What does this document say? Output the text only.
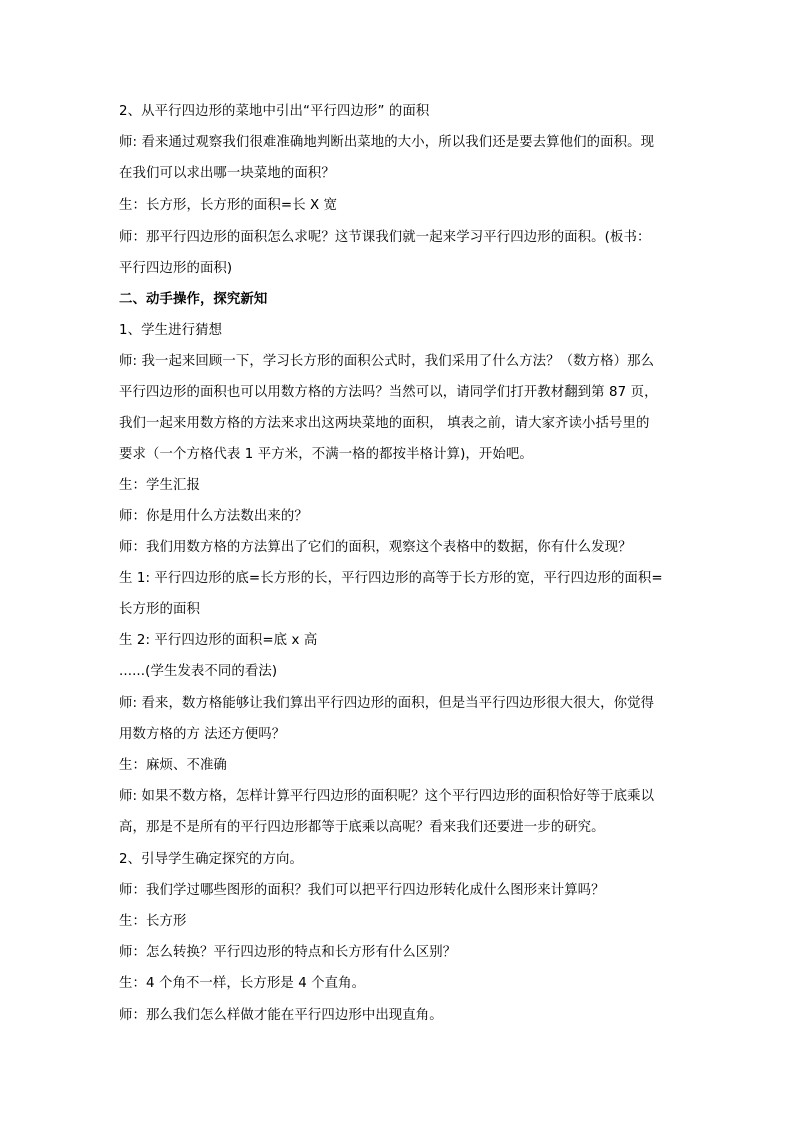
2、从平行四边形的菜地中引出“平行四边形” 的面积
师: 看来通过观察我们很难准确地判断出菜地的大小，所以我们还是要去算他们的面积。现
在我们可以求出哪一块菜地的面积？
生：长方形，长方形的面积=长 X 宽
师：那平行四边形的面积怎么求呢？这节课我们就一起来学习平行四边形的面积。(板书：
平行四边形的面积)
二、动手操作，探究新知
1、学生进行猜想
师: 我一起来回顾一下，学习长方形的面积公式时，我们采用了什么方法？（数方格）那么
平行四边形的面积也可以用数方格的方法吗？当然可以，请同学们打开教材翻到第 87 页，
我们一起来用数方格的方法来求出这两块菜地的面积， 填表之前，请大家齐读小括号里的
要求（一个方格代表 1 平方米，不满一格的都按半格计算)，开始吧。
生：学生汇报
师：你是用什么方法数出来的？
师：我们用数方格的方法算出了它们的面积，观察这个表格中的数据，你有什么发现？
生 1: 平行四边形的底=长方形的长，平行四边形的高等于长方形的宽，平行四边形的面积=
长方形的面积
生 2: 平行四边形的面积=底 x 高
......(学生发表不同的看法)
师: 看来，数方格能够让我们算出平行四边形的面积，但是当平行四边形很大很大，你觉得
用数方格的方 法还方便吗？
生：麻烦、不准确
师: 如果不数方格，怎样计算平行四边形的面积呢？这个平行四边形的面积恰好等于底乘以
高，那是不是所有的平行四边形都等于底乘以高呢？看来我们还要进一步的研究。
2、引导学生确定探究的方向。
师：我们学过哪些图形的面积？我们可以把平行四边形转化成什么图形来计算吗？
生：长方形
师：怎么转换？平行四边形的特点和长方形有什么区别？
生：4 个角不一样，长方形是 4 个直角。
师：那么我们怎么样做才能在平行四边形中出现直角。
